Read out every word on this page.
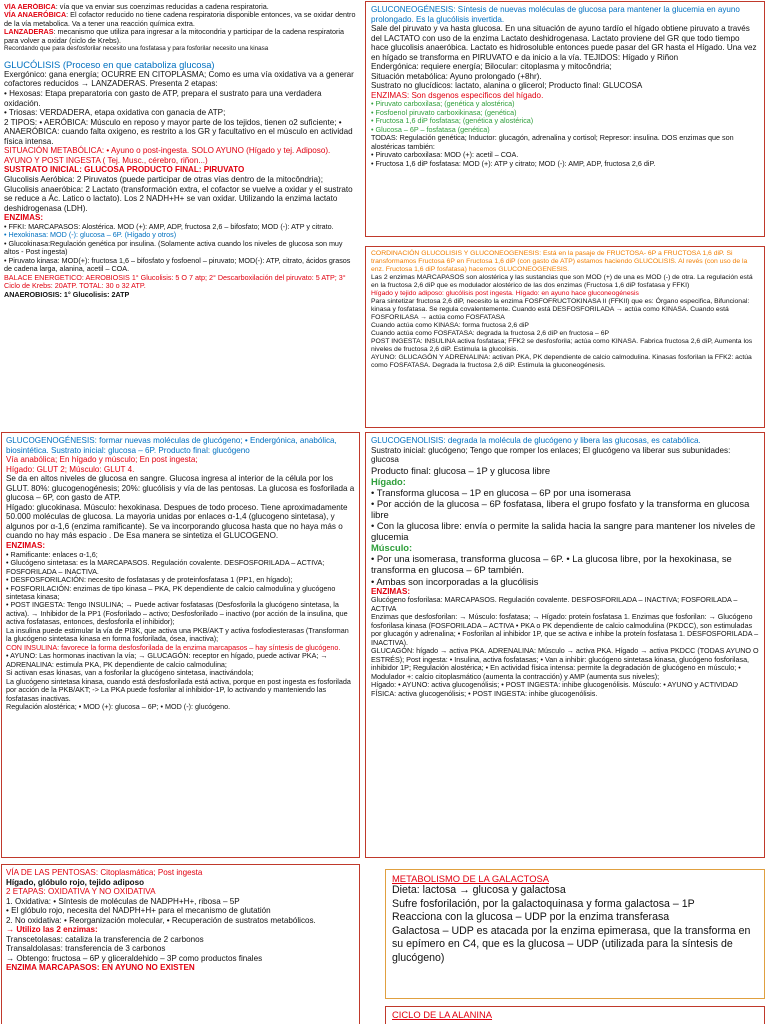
VÍA AERÓBICA: vía que va enviar sus coenzimas reducidas a cadena respiratoria.

VÍA ANAERÓBICA: El cofactor reducido no tiene cadena respiratoria disponible entonces, va se oxidar dentro de la vía metabolica. Va a tener una reacción química extra.

LANZADERAS: mecanismo que utiliza para ingresar a la mitocondria y participar de la cadena respiratoria para volver a oxidar (ciclo de Krebs).

Recordando que para desfosforilar necesito una fosfatasa y para fosforilar necesito una kinasa

GLUCÓLISIS (Proceso en que cataboliza glucosa)

Exergónico: gana energía; OCURRE EN CITOPLASMA; Como es uma vía oxidativa va a generar cofactores reducidos → LANZADERAS. Presenta 2 etapas:

• Hexosas: Etapa preparatoria con gasto de ATP, prepara el sustrato para una verdadera oxidación.

• Triosas: VERDADERA, etapa oxidativa con ganacia de ATP;

2 TIPOS: • AERÓBICA: Músculo en reposo y mayor parte de los tejidos, tienen o2 suficiente; • ANAERÓBICA: cuando falta oxigeno, es restrito a los GR y facultativo en el músculo en actividad física intensa.

SITUACIÓN METABÓLICA: • Ayuno o post-ingesta. SOLO AYUNO (Hígado y tej. Adiposo). AYUNO Y POST INGESTA ( Tej. Musc., cérebro, riñon...)

SUSTRATO INICIAL: GLUCOSA PRODUCTO FINAL: PIRUVATO

Glucolisis Aeróbica: 2 Piruvatos (puede participar de otras vías dentro de la mitocôndria);

Glucolisis anaeróbica: 2 Lactato (transformación extra, el cofactor se vuelve a oxidar y el sustrato se reduce a Ác. Latico o lactato). Los 2 NADH+H+ se van oxidar. Utilizando la enzima lactato deshidrogenasa (LDH).

ENZIMAS:

• FFKI: MARCAPASOS: Alostérica. MOD (+): AMP, ADP, fructosa 2,6 – bifosfato; MOD (-): ATP y citrato.

• Hexokinasa: MOD (-): glucosa – 6P. (Hígado y otros)

• Glucokinasa:Regulación genética por insulina. (Solamente activa cuando los niveles de glucosa son muy altos - Post ingesta)

• Piruvato kinasa: MOD(+): fructosa 1,6 – bifosfato y fosfoenol – piruvato; MOD(-): ATP, citrato, ácidos grasos de cadena larga, alanina, acetil – COA.

BALACE ENERGETICO: AEROBIOSIS 1° Glucolisis: 5 O 7 atp; 2° Descarboxilación del piruvato: 5 ATP; 3° Ciclo de Krebs: 20ATP. TOTAL: 30 o 32 ATP.

ANAEROBIOSIS: 1° Glucolisis: 2ATP

GLUCONEOGÉNESIS: Síntesis de nuevas moléculas de glucosa para mantener la glucemia en ayuno prolongado. Es la glucólisis invertida.

Sale del piruvato y va hasta glucosa. En una situación de ayuno tardío el hígado obtiene piruvato a través del LACTATO con uso de la enzima Lactato deshidrogenasa. Lactato proviene del GR que todo tiempo hace glucolisis anaeróbica. Lactato es hidrosoluble entonces puede pasar del GR hasta el Hígado. Una vez en hígado se transforma en PIRUVATO e da inicio a la vía. TEJIDOS: Hígado y Riñon

Endergónica: requiere energía; Bilocular: citoplasma y mitocôndria;

Situación metabólica: Ayuno prolongado (+8hr).

Sustrato no glucídicos: lactato, alanina o glicerol; Producto final: GLUCOSA

ENZIMAS: Son dsgenos especificos del hígado.

• Piruvato carboxilasa; (genética y alostérica)

• Fosfoenol piruvato carboxikinasa; (genética)

• Fructosa 1,6 diP fosfatasa; (genética y alostérica)

• Glucosa – 6P – fosfatasa (genética)

TODAS: Regulación genética; Inductor: glucagón, adrenalina y cortisol; Represor: insulina. DOS enzimas que son alostéricas también:

• Piruvato carboxilasa: MOD (+): acetil – COA.

• Fructosa 1,6 diP fosfatasa: MOD (+): ATP y citrato; MOD (-): AMP, ADP, fructosa 2,6 diP.

CORDINACIÓN GLUCOLISIS Y GLUCONEOGENESIS: Está en la pasaje de FRUCTOSA- 6P a FRUCTOSA 1,6 diP. Si transformamos Fructosa 6P en Fructosa 1,6 diP (con gasto de ATP) estamos haciendo GLUCOLISIS. Al revés (con uso de la enz. Fructosa 1,6 diP fosfatasa) hacemos GLUCONEOGENESIS.

Las 2 enzimas MARCAPASOS son alostérica y las sustancias que son MOD (+) de una es MOD (-) de otra. La regulación está en la fructosa 2,6 diP que es modulador alostérico de las dos enzimas (Fructosa 1,6 diP fosfatasa y FFKI)

Hígado y tejido adiposo: glucólisis post ingesta. Hígado: en ayuno hace gluconeogénesis

Para sintetizar fructosa 2,6 diP, necesito la enzima FOSFOFRUCTOKINASA II (FFKII) que es: Órgano especifica, Bifuncional: kinasa y fosfatasa. Se regula covalentemente. Cuando está DESFOSFORILADA → actúa como KINASA. Cuando está FOSFORILASA → actúa como FOSFATASA

Cuando actúa como KINASA: forma fructosa 2,6 diP

Cuando actúa como FOSFATASA: degrada la fructosa 2,6 diP en fructosa – 6P

POST INGESTA: INSULINA activa fosfatasa; FFK2 se desfosforila; actúa como KINASA. Fabrica fructosa 2,6 diP, Aumenta los niveles de fructosa 2,6 diP. Estimula la glucolisis.

AYUNO: GLUCAGÓN Y ADRENALINA: activan PKA, PK dependiente de calcio calmodulina. Kinasas fosforilan la FFK2: actúa como FOSFATASA. Degrada la fructosa 2,6 diP. Estimula la gluconeogénesis.

GLUCOGENOGÉNESIS: formar nuevas moléculas de glucógeno; • Endergónica, anabólica, biosintética. Sustrato inicial: glucosa – 6P. Producto final: glucógeno

Vía anabólica; En hígado y músculo; En post ingesta;

Hígado: GLUT 2; Músculo: GLUT 4.

Se da en altos niveles de glucosa en sangre. Glucosa ingresa al interior de la célula por los GLUT. 80%: glucogenogénesis; 20%: glucólisis y vía de las pentosas. La glucosa es fosforilada a glucosa – 6P, con gasto de ATP.

Hígado: glucokinasa. Músculo: hexokinasa. Despues de todo proceso. Tiene aproximadamente 50.000 moléculas de glucosa. La mayoria unidas por enlaces α-1,4 (glucogeno sintetasa), y algunos por α-1,6 (enzima ramificante). Se va incorporando glucosa hasta que no haya más o cuando no hay más espacio . De Esa manera se sintetiza el GLUCOGENO.

ENZIMAS:

• Ramificante: enlaces α-1,6;

• Glucógeno sintetasa: es la MARCAPASOS. Regulación covalente. DESFOSFORILADA – ACTIVA; FOSFORILADA – INACTIVA.

• DESFOSFORILACIÓN: necesito de fosfatasas y de proteinfosfatasa 1 (PP1, en hígado);

• FOSFORILACIÓN: enzimas de tipo kinasa – PKA, PK dependiente de calcio calmodulina y glucógeno sintetasa kinasa;

• POST INGESTA: Tengo INSULINA; → Puede activar fosfatasas (Desfosforila la glucógeno sintetasa, la activa). → Inhibidor de la PP1 (Fosforilado – activo; Desfosforilado – inactivo (por acción de la insulina, que activa fosfatasas, entonces, desfosforila el inhibidor);

La insulina puede estimular la vía de PI3K, que activa una PKB/AKT y activa fosfodiesterasas (Transforman la glucógeno sintetasa kinasa en forma fosforilada, ósea, inactiva);

CON INSULINA: favorece la forma desfosforilada de la enzima marcapasos – hay síntesis de glucógeno.

• AYUNO: Las hormonas inactivan la vía; → GLUCAGÓN: receptor en hígado, puede activar PKA; → ADRENALINA: estimula PKA, PK dependiente de calcio calmodulina;

Si activan esas kinasas, van a fosforilar la glucógeno sintetasa, inactivándola;

La glucógeno sintetasa kinasa, cuando está desfosforilada está activa, porque en post ingesta es fosforilada por acción de la PKB/AKT; -> La PKA puede fosforilar al inhibidor-1P, lo activando y manteniendo las fosfatasas inactivas.

Regulación alostérica; • MOD (+): glucosa – 6P; • MOD (-): glucógeno.

GLUCOGENOLISIS: degrada la molécula de glucógeno y libera las glucosas, es catabólica.

Sustrato inicial: glucógeno; Tengo que romper los enlaces; El glucógeno va liberar sus subunidades: glucosa

Producto final: glucosa – 1P y glucosa libre

Hígado:

• Transforma glucosa – 1P en glucosa – 6P por una isomerasa

• Por acción de la glucosa – 6P fosfatasa, libera el grupo fosfato y la transforma en glucosa libre

• Con la glucosa libre: envía o permite la salida hacia la sangre para mantener los niveles de glucemia

Músculo:

• Por una isomerasa, transforma glucosa – 6P. • La glucosa libre, por la hexokinasa, se transforma en glucosa – 6P también.

• Ambas son incorporadas a la glucólisis

ENZIMAS:

Glucógeno fosforilasa: MARCAPASOS. Regulación covalente. DESFOSFORILADA – INACTIVA; FOSFORILADA – ACTIVA

Enzimas que desfosforilan: → Músculo: fosfatasa; → Hígado: protein fosfatasa 1. Enzimas que fosforilan: → Glucógeno fosforilasa kinasa (FOSFORILADA – ACTIVA • PKA o PK dependiente de calcio calmodulina (PKDCC), son estimuladas por glucagón y adrenalina; • Fosforilan al inhibidor 1P, que se activa e inhibe la proteín fosfatasa 1. DESFOSFORILADA – INACTIVA).

GLUCAGÓN: hígado → activa PKA. ADRENALINA: Músculo → activa PKA. Hígado → activa PKDCC (TODAS AYUNO O ESTRÉS); Post ingesta: • Insulina, activa fosfatasas; • Van a inhibir: glucógeno sintetasa kinasa, glucógeno fosforilasa, inhibidor 1P; Regulación alostérica; • En actividad física intensa: permite la degradación de glucógeno en músculo; • Modulador +: calcio citoplasmático (aumenta la contracción) y AMP (aumenta sus niveles);

Hígado: • AYUNO: activa glucogenólisis; • POST INGESTA: inhibe glucogenólisis. Músculo: • AYUNO y ACTIVIDAD FÍSICA: activa glucogenólisis; • POST INGESTA: inhibe glucogenólisis.

VÍA DE LAS PENTOSAS: Citoplasmática; Post ingesta

Hígado, glóbulo rojo, tejido adiposo

2 ETAPAS: OXIDATIVA Y NO OXIDATIVA

1. Oxidativa: • Síntesis de moléculas de NADPH+H+, ribosa – 5P

• El glóbulo rojo, necesita del NADPH+H+ para el mecanismo de glutatión

2. No oxidativa: • Reorganización molecular, • Recuperación de sustratos metabólicos.

→ Utilizo las 2 enzimas:

Transcetolasas: cataliza la transferencia de 2 carbonos

Transaldolasas: transferencia de 3 carbonos

→ Obtengo: fructosa – 6P y gliceraldehido – 3P como productos finales

ENZIMA MARCAPASOS: EN AYUNO NO EXISTEN

METABOLISMO DE LA GALACTOSA

Dieta: lactosa → glucosa y galactosa

Sufre fosforilación, por la galactoquinasa y forma galactosa – 1P

Reacciona con la glucosa – UDP por la enzima transferasa

Galactosa – UDP es atacada por la enzima epimerasa, que la transforma en su epímero en C4, que es la glucosa – UDP (utilizada para la síntesis de glucógeno)

CICLO DE LA ALANINA
